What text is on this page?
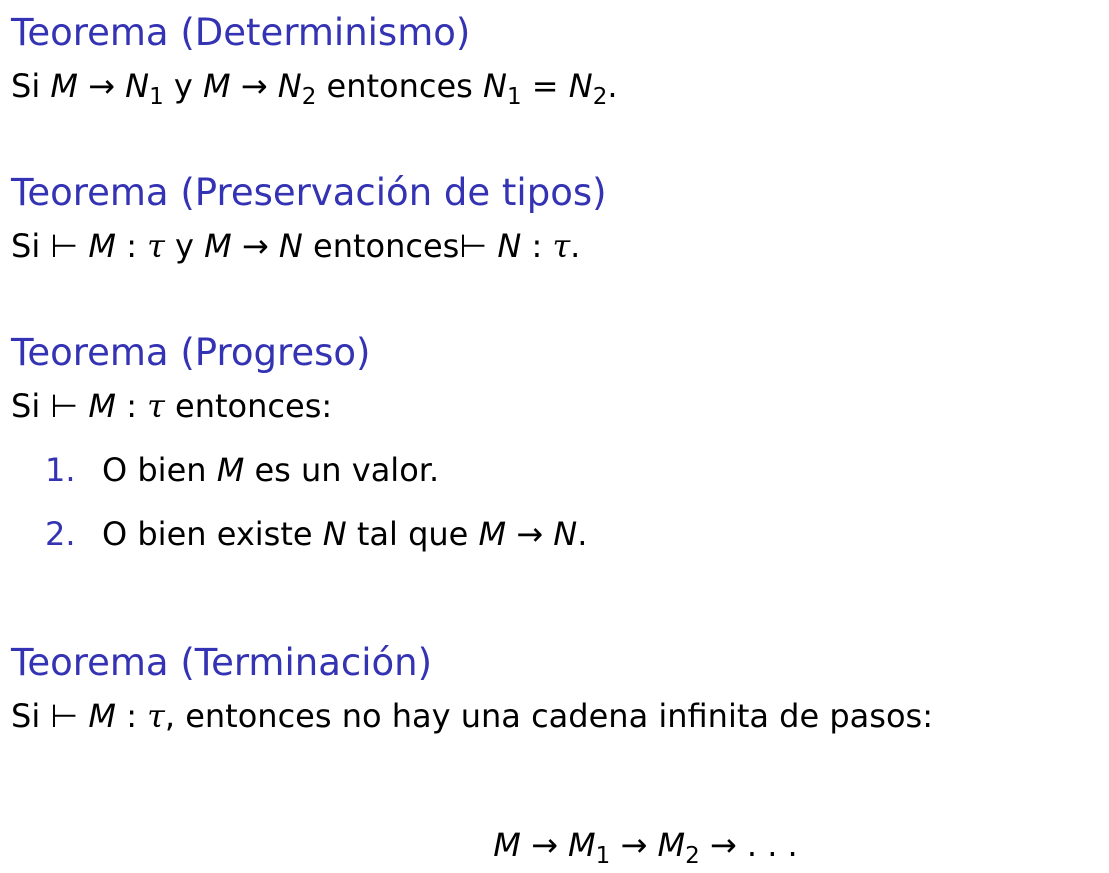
Teorema (Determinismo)
Si $M \to N_1$ y $M \to N_2$ entonces $N_1 = N_2$.
Teorema (Preservación de tipos)
Si ⊢ M : τ y M → N entonces⊢ N : τ.
Teorema (Progreso)
Si ⊢ M : τ entonces:
1. O bien M es un valor.
2. O bien existe N tal que M → N.
Teorema (Terminación)
Si ⊢ M : τ, entonces no hay una cadena infinita de pasos:
$M \to M_1 \to M_2$ → . . .
